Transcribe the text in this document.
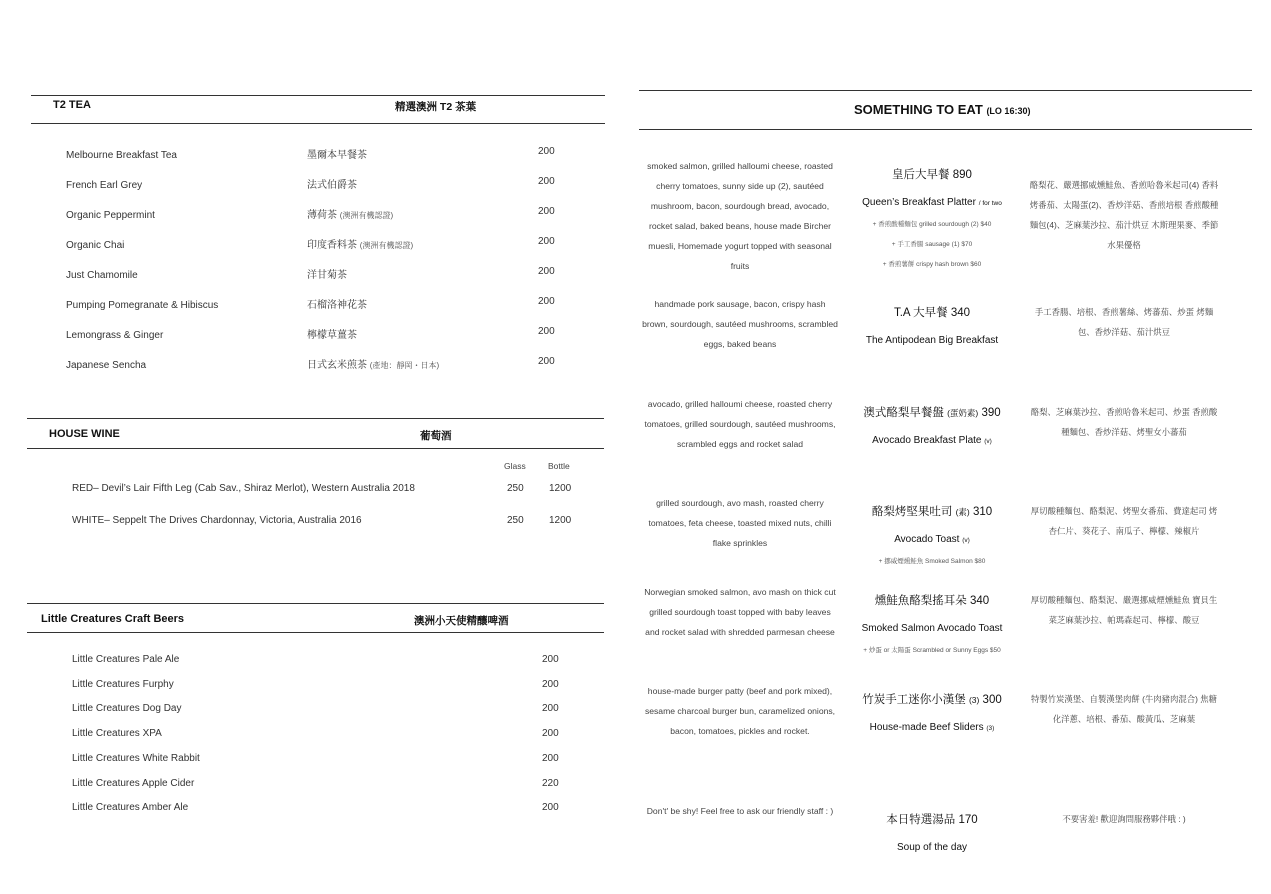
T2 TEA	精選澳洲 T2 茶葉
Melbourne Breakfast Tea	墨爾本早餐茶	200
French Earl Grey	法式伯爵茶	200
Organic Peppermint	薄荷茶 (澳洲有機認證)	200
Organic Chai	印度香料茶 (澳洲有機認證)	200
Just Chamomile	洋甘菊茶	200
Pumping Pomegranate & Hibiscus	石榴洛神花茶	200
Lemongrass & Ginger	檸檬草薑茶	200
Japanese Sencha	日式玄米煎茶 (產地：靜岡・日本)	200
HOUSE WINE	葡萄酒
Glass	Bottle
RED– Devil’s Lair Fifth Leg (Cab Sav., Shiraz Merlot), Western Australia 2018	250	1200
WHITE– Seppelt The Drives Chardonnay, Victoria, Australia 2016	250	1200
Little Creatures Craft Beers	澳洲小天使精釀啤酒
Little Creatures Pale Ale	200
Little Creatures Furphy	200
Little Creatures Dog Day	200
Little Creatures XPA	200
Little Creatures White Rabbit	200
Little Creatures Apple Cider	220
Little Creatures Amber Ale	200
SOMETHING TO EAT (LO 16:30)
smoked salmon, grilled halloumi cheese, roasted cherry tomatoes, sunny side up (2), sautéed mushroom, bacon, sourdough bread, avocado, rocket salad, baked beans, house made Bircher muesli, Homemade yogurt topped with seasonal fruits
皇后大早餐 890
Queen’s Breakfast Platter / for two
+ 香煎酸種麵包 grilled sourdough (2) $40
+ 手工香腸 sausage (1) $70
+ 香煎薯餅 crispy hash brown $60
酪梨花、嚴選挪威燻鮭魚、香煎哈魯米起司(4) 香料烤番茄、太陽蛋(2)、香炒洋菇、香煎培根 香煎酸種麵包(4)、芝麻葉沙拉、茄汁烘豆 木斯理果麥、季節水果優格
handmade pork sausage, bacon, crispy hash brown, sourdough, sautéed mushrooms, scrambled eggs, baked beans
T.A 大早餐 340
The Antipodean Big Breakfast
手工香腸、培根、香煎薯絲、烤蕃茄、炒蛋 烤麵包、香炒洋菇、茄汁烘豆
avocado, grilled halloumi cheese, roasted cherry tomatoes, grilled sourdough, sautéed mushrooms, scrambled eggs and rocket salad
澳式酪梨早餐盤 (蛋奶素) 390
Avocado Breakfast Plate (v)
酪梨、芝麻葉沙拉、香煎哈魯米起司、炒蛋 香煎酸種麵包、香炒洋菇、烤聖女小蕃茄
grilled sourdough, avo mash, roasted cherry tomatoes, feta cheese, toasted mixed nuts, chilli flake sprinkles
酪梨烤堅果吐司 (素) 310
Avocado Toast (v)
+ 挪威煙燻鮭魚 Smoked Salmon $80
厚切酸種麵包、酪梨泥、烤聖女番茄、費達起司 烤杏仁片、葵花子、南瓜子、檸檬、辣椒片
Norwegian smoked salmon, avo mash on thick cut grilled sourdough toast topped with baby leaves and rocket salad with shredded parmesan cheese
燻鮭魚酪梨搖耳朵 340
Smoked Salmon Avocado Toast
+ 炒蛋 or 太陽蛋 Scrambled or Sunny Eggs $50
厚切酸種麵包、酪梨泥、嚴選挪威煙燻鮭魚 寶貝生菜芝麻葉沙拉、帕瑪森起司、檸檬、酸豆
house-made burger patty (beef and pork mixed), sesame charcoal burger bun, caramelized onions, bacon, tomatoes, pickles and rocket.
竹炭手工迷你小漢堡 (3) 300
House-made Beef Sliders (3)
特製竹炭漢堡、自製漢堡肉餅 (牛肉豬肉混合) 焦糖化洋蔥、培根、番茄、酸黃瓜、芝麻葉
Don't' be shy! Feel free to ask our friendly staff : )
本日特選湯品 170
Soup of the day
不要害羞! 歡迎詢問服務夥伴哦 : )
